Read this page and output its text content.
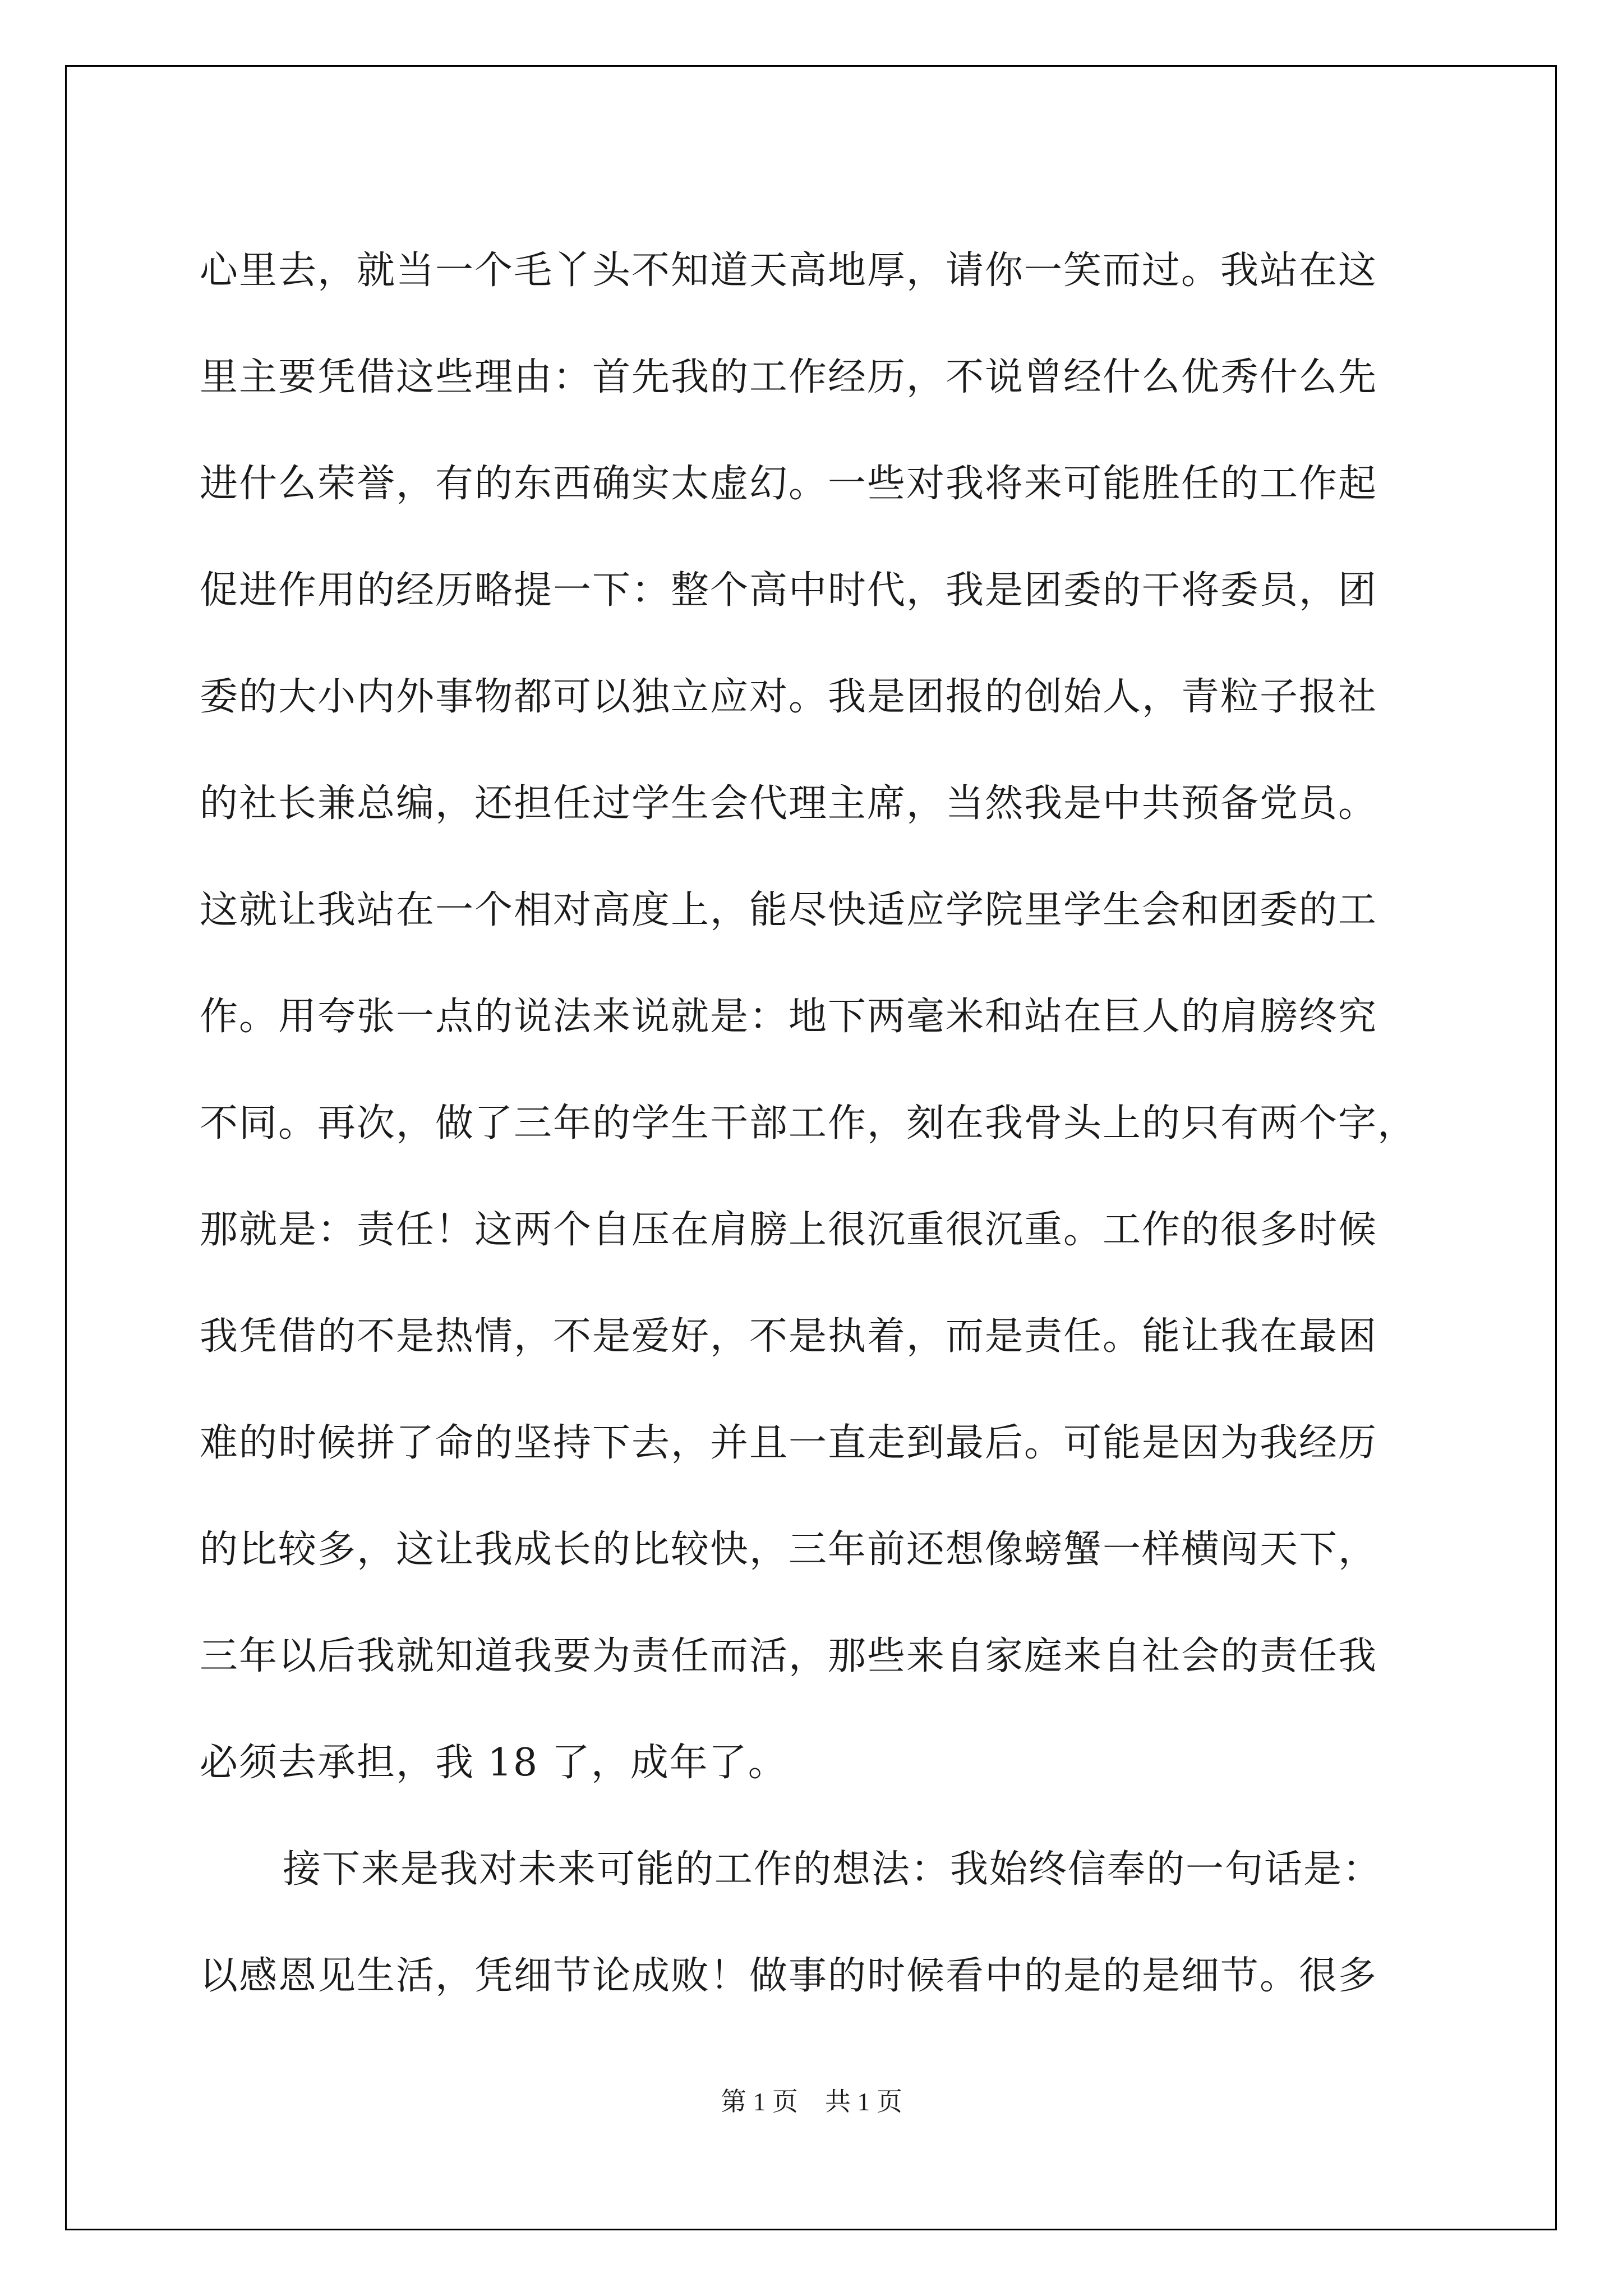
心里去，就当一个毛丫头不知道天高地厚，请你一笑而过。我站在这
里主要凭借这些理由：首先我的工作经历，不说曾经什么优秀什么先
进什么荣誉，有的东西确实太虚幻。一些对我将来可能胜任的工作起
促进作用的经历略提一下：整个高中时代，我是团委的干将委员，团
委的大小内外事物都可以独立应对。我是团报的创始人，青粒子报社
的社长兼总编，还担任过学生会代理主席，当然我是中共预备党员。
这就让我站在一个相对高度上，能尽快适应学院里学生会和团委的工
作。用夸张一点的说法来说就是：地下两毫米和站在巨人的肩膀终究
不同。再次，做了三年的学生干部工作，刻在我骨头上的只有两个字，
那就是：责任！这两个自压在肩膀上很沉重很沉重。工作的很多时候
我凭借的不是热情，不是爱好，不是执着，而是责任。能让我在最困
难的时候拼了命的坚持下去，并且一直走到最后。可能是因为我经历
的比较多，这让我成长的比较快，三年前还想像螃蟹一样横闯天下，
三年以后我就知道我要为责任而活，那些来自家庭来自社会的责任我
必须去承担，我 18 了，成年了。
接下来是我对未来可能的工作的想法：我始终信奉的一句话是：
以感恩见生活，凭细节论成败！做事的时候看中的是的是细节。很多
第 1 页 共 1 页
